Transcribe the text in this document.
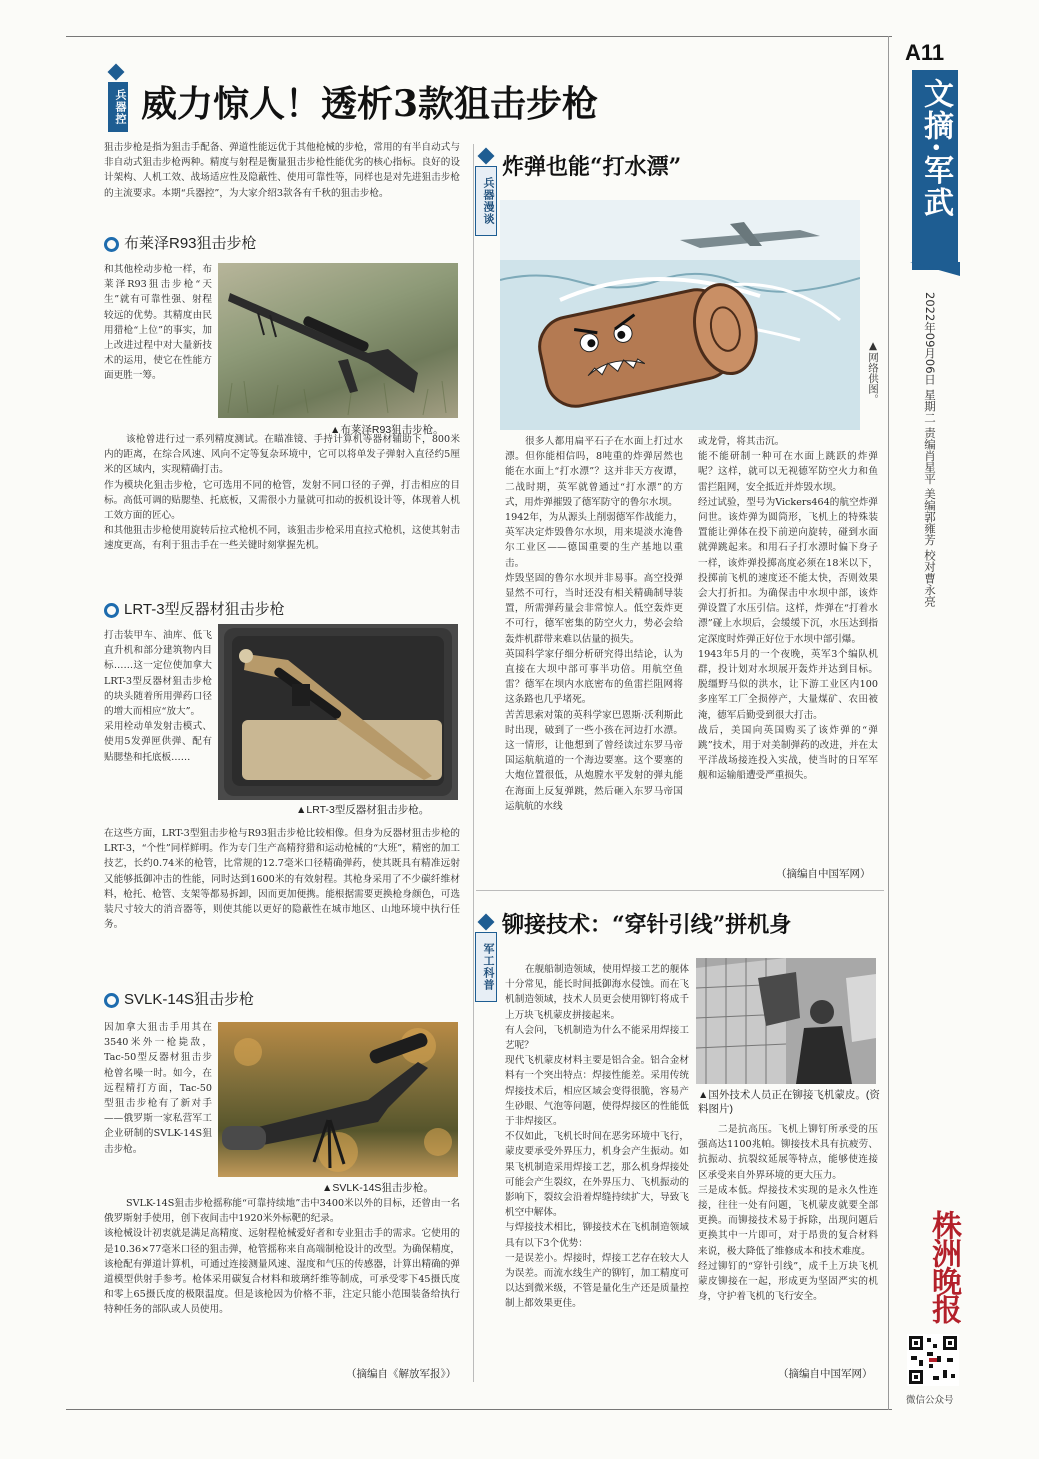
A11
文摘·军武
2022年09月06日 星期二 责编肖星平 美编郭雍芳 校对曹永亮
株洲晚报
微信公众号
兵器控 威力惊人！透析3款狙击步枪

狙击步枪是指为狙击手配备、弹道性能远优于其他枪械的步枪，常用的有半自动式与非自动式狙击步枪两种。精度与射程是衡量狙击步枪性能优劣的核心指标。良好的设计架构、人机工效、战场适应性及隐蔽性、使用可靠性等，同样也是对先进狙击步枪的主流要求。本期“兵器控”，为大家介绍3款各有千秋的狙击步枪。

布莱泽R93狙击步枪

和其他栓动步枪一样，布莱泽R93狙击步枪“天生”就有可靠性强、射程较远的优势。其精度由民用猎枪“上位”的事实，加上改进过程中对大量新技术的运用，使它在性能方面更胜一筹。

▲布莱泽R93狙击步枪。

该枪曾进行过一系列精度测试。在瞄准镜、手持计算机等器材辅助下，800米内的距离，在综合风速、风向不定等复杂环境中，它可以将单发子弹射入直径约5厘米的区域内，实现精确打击。
作为模块化狙击步枪，它可选用不同的枪管，发射不同口径的子弹，打击相应的目标。高低可调的贴腮垫、托底板，又需很小力量就可扣动的扳机设计等，体现着人机工效方面的匠心。
和其他狙击步枪使用旋转后拉式枪机不同，该狙击步枪采用直拉式枪机，这使其射击速度更高，有利于狙击手在一些关键时刻掌握先机。

LRT-3型反器材狙击步枪

打击装甲车、油库、低飞直升机和部分建筑物内目标……这一定位使加拿大LRT-3型反器材狙击步枪的块头随着所用弹药口径的增大而相应“放大”。
采用栓动单发射击模式、使用5发弹匣供弹、配有贴腮垫和托底板……

▲LRT-3型反器材狙击步枪。

在这些方面，LRT-3型狙击步枪与R93狙击步枪比较相像。但身为反器材狙击步枪的LRT-3，“个性”同样鲜明。作为专门生产高精狩猎和运动枪械的“大班”，精密的加工技艺，长约0.74米的枪管，比常规的12.7毫米口径精确弹药，使其既具有精准远射又能够抵御冲击的性能，同时达到1600米的有效射程。其枪身采用了不少碳纤维材料，枪托、枪管、支架等都易拆卸，因而更加便携。能根据需要更换枪身颜色，可选装尺寸较大的消音器等，则使其能以更好的隐蔽性在城市地区、山地环境中执行任务。

SVLK-14S狙击步枪

因加拿大狙击手用其在3540米外一枪毙敌，Tac-50型反器材狙击步枪曾名噪一时。如今，在远程精打方面，Tac-50型狙击步枪有了新对手——俄罗斯一家私营军工企业研制的SVLK-14S狙击步枪。

▲SVLK-14S狙击步枪。

SVLK-14S狙击步枪摇称能“可靠持续地”击中3400米以外的目标，还曾由一名俄罗斯射手使用，创下夜间击中1920米外标靶的纪录。
该枪械设计初衷就是满足高精度、远射程枪械爱好者和专业狙击手的需求。它使用的是10.36×77毫米口径的狙击弹，枪管摇称来自高端制枪设计的改型。为确保精度，该枪配有弹道计算机，可通过连接测量风速、湿度和气压的传感器，计算出精确的弹道模型供射手参考。枪体采用碳复合材料和玻璃纤维等制成，可承受零下45摄氏度和零上65摄氏度的极限温度。但是该枪因为价格不菲，注定只能小范围装备给执行特种任务的部队或人员使用。

（摘编自《解放军报》）
兵器漫谈
炸弹也能“打水漂”
▲网络供图。

很多人都用扁平石子在水面上打过水漂。但你能相信吗，8吨重的炸弹居然也能在水面上“打水漂”？这并非天方夜谭，二战时期，英军就曾通过“打水漂”的方式，用炸弹摧毁了德军防守的鲁尔水坝。
1942年，为从源头上削弱德军作战能力，英军决定炸毁鲁尔水坝，用来堤淡水淹鲁尔工业区——德国重要的生产基地以重击。
炸毁坚固的鲁尔水坝并非易事。高空投弹显然不可行，当时还没有相关精确制导装置，所需弹药量会非常惊人。低空轰炸更不可行，德军密集的防空火力，势必会给轰炸机群带来难以估量的损失。
英国科学家仔细分析研究得出结论，认为直接在大坝中部可事半功倍。用航空鱼雷？德军在坝内水底密布的鱼雷拦阻网将这条路也几乎堵死。
苦苦思索对策的英科学家巴恩斯·沃利斯此时出现，破到了一些小孩在河边打水漂。这一情形，让他想到了曾经读过东罗马帝国运航航道的一个海边要塞。这个要塞的大炮位置很低，从炮膛水平发射的弹丸能在海面上反复弹跳，然后砸入东罗马帝国运航航的水线

或龙骨，将其击沉。
能不能研制一种可在水面上跳跃的炸弹呢？这样，就可以无视德军防空火力和鱼雷拦阻网，安全抵近并炸毁水坝。
经过试验，型号为Vickers464的航空炸弹问世。该炸弹为圆筒形，飞机上的特殊装置能让弹体在投下前逆向旋转，碰到水面就弹跳起来。和用石子打水漂时偏下身子一样，该炸弹投掷高度必须在18米以下，投掷前飞机的速度还不能太快，否则效果会大打折扣。为确保击中水坝中部，该炸弹设置了水压引信。这样，炸弹在“打着水漂”碰上水坝后，会缓缓下沉，水压达到指定深度时炸弹正好位于水坝中部引爆。
1943年5月的一个夜晚，英军3个编队机群，投计划对水坝展开轰炸并达到目标。脱缰野马似的洪水，让下游工业区内100多座军工厂全损停产，大量煤矿、农田被淹，德军后勤受到很大打击。
战后，美国向英国购买了该炸弹的“弹跳”技术，用于对美制弹药的改进，并在太平洋战场接连投入实战，使当时的日军军舰和运输船遭受严重损失。

（摘编自中国军网）
军工科普
铆接技术：“穿针引线”拼机身

在舰船制造领域，使用焊接工艺的舰体十分常见，能长时间抵御海水侵蚀。而在飞机制造领域，技术人员更会使用铆钉将成千上万块飞机蒙皮拼接起来。
有人会问，飞机制造为什么不能采用焊接工艺呢？
现代飞机蒙皮材料主要是铝合金。铝合金材料有一个突出特点：焊接性能差。采用传统焊接技术后，相应区域会变得很脆，容易产生砂眼、气泡等问题，使得焊接区的性能低于非焊接区。
不仅如此，飞机长时间在恶劣环境中飞行，蒙皮要承受外界压力，机身会产生振动。如果飞机制造采用焊接工艺，那么机身焊接处可能会产生裂纹，在外界压力、飞机振动的影响下，裂纹会沿着焊缝持续扩大，导致飞机空中解体。
与焊接技术相比，铆接技术在飞机制造领域具有以下3个优势：
一是误差小。焊接时，焊接工艺存在较大人为误差。而流水线生产的铆钉，加工精度可以达到微米级，不管是量化生产还是质量控制上都效果更佳。

▲国外技术人员正在铆接飞机蒙皮。(资料图片)

二是抗高压。飞机上铆钉所承受的压强高达1100兆帕。铆接技术具有抗疲劳、抗振动、抗裂纹延展等特点，能够使连接区承受来自外界环境的更大压力。
三是成本低。焊接技术实现的是永久性连接，往往一处有问题，飞机蒙皮就要全部更换。而铆接技术易于拆除，出现问题后更换其中一片即可，对于昂贵的复合材料来说，极大降低了维修成本和技术难度。
经过铆钉的“穿针引线”，成千上万块飞机蒙皮铆接在一起，形成更为坚固严实的机身，守护着飞机的飞行安全。

（摘编自中国军网）
